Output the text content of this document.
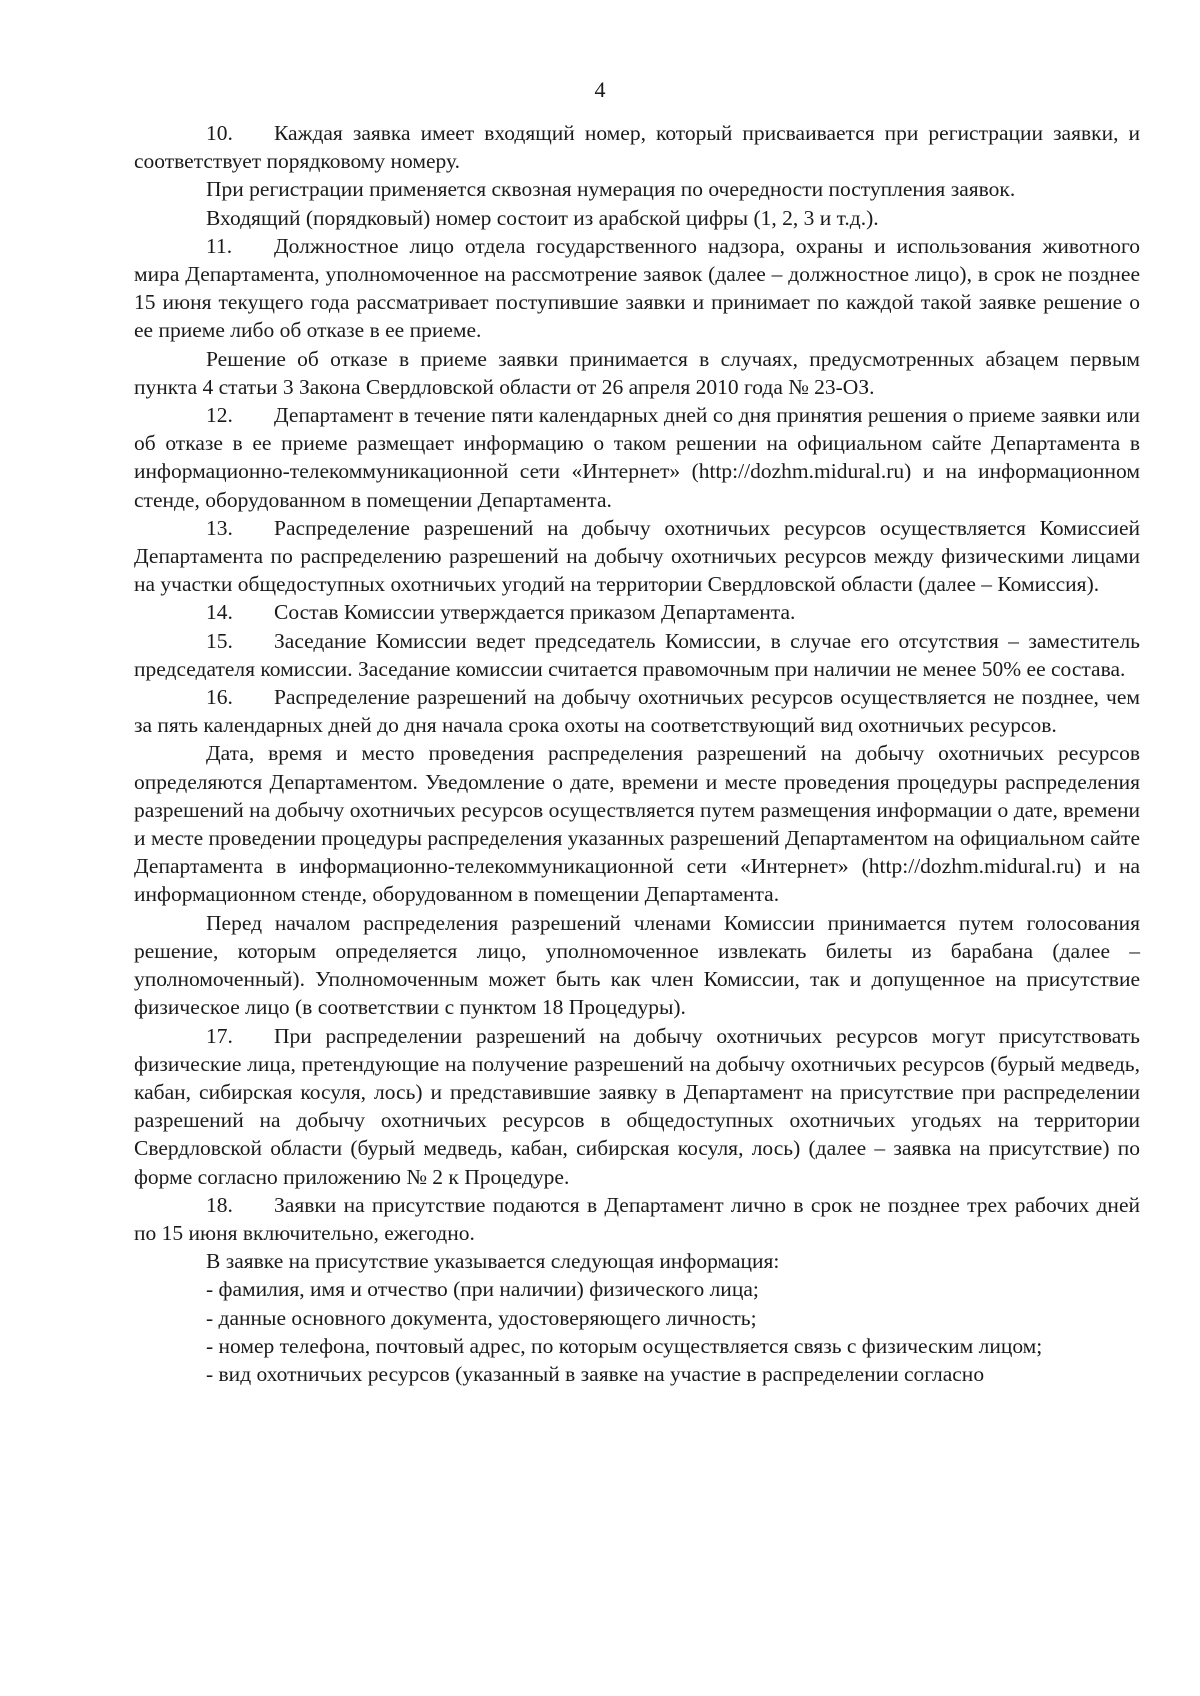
4

10. Каждая заявка имеет входящий номер, который присваивается при регистрации заявки, и соответствует порядковому номеру.

При регистрации применяется сквозная нумерация по очередности поступления заявок.

Входящий (порядковый) номер состоит из арабской цифры (1, 2, 3 и т.д.).

11. Должностное лицо отдела государственного надзора, охраны и использования животного мира Департамента, уполномоченное на рассмотрение заявок (далее – должностное лицо), в срок не позднее 15 июня текущего года рассматривает поступившие заявки и принимает по каждой такой заявке решение о ее приеме либо об отказе в ее приеме.

Решение об отказе в приеме заявки принимается в случаях, предусмотренных абзацем первым пункта 4 статьи 3 Закона Свердловской области от 26 апреля 2010 года № 23-ОЗ.

12. Департамент в течение пяти календарных дней со дня принятия решения о приеме заявки или об отказе в ее приеме размещает информацию о таком решении на официальном сайте Департамента в информационно-телекоммуникационной сети «Интернет» (http://dozhm.midural.ru) и на информационном стенде, оборудованном в помещении Департамента.

13. Распределение разрешений на добычу охотничьих ресурсов осуществляется Комиссией Департамента по распределению разрешений на добычу охотничьих ресурсов между физическими лицами на участки общедоступных охотничьих угодий на территории Свердловской области (далее – Комиссия).

14. Состав Комиссии утверждается приказом Департамента.

15. Заседание Комиссии ведет председатель Комиссии, в случае его отсутствия – заместитель председателя комиссии. Заседание комиссии считается правомочным при наличии не менее 50% ее состава.

16. Распределение разрешений на добычу охотничьих ресурсов осуществляется не позднее, чем за пять календарных дней до дня начала срока охоты на соответствующий вид охотничьих ресурсов.

Дата, время и место проведения распределения разрешений на добычу охотничьих ресурсов определяются Департаментом. Уведомление о дате, времени и месте проведения процедуры распределения разрешений на добычу охотничьих ресурсов осуществляется путем размещения информации о дате, времени и месте проведении процедуры распределения указанных разрешений Департаментом на официальном сайте Департамента в информационно-телекоммуникационной сети «Интернет» (http://dozhm.midural.ru) и на информационном стенде, оборудованном в помещении Департамента.

Перед началом распределения разрешений членами Комиссии принимается путем голосования решение, которым определяется лицо, уполномоченное извлекать билеты из барабана (далее – уполномоченный). Уполномоченным может быть как член Комиссии, так и допущенное на присутствие физическое лицо (в соответствии с пунктом 18 Процедуры).

17. При распределении разрешений на добычу охотничьих ресурсов могут присутствовать физические лица, претендующие на получение разрешений на добычу охотничьих ресурсов (бурый медведь, кабан, сибирская косуля, лось) и представившие заявку в Департамент на присутствие при распределении разрешений на добычу охотничьих ресурсов в общедоступных охотничьих угодьях на территории Свердловской области (бурый медведь, кабан, сибирская косуля, лось) (далее – заявка на присутствие) по форме согласно приложению № 2 к Процедуре.

18. Заявки на присутствие подаются в Департамент лично в срок не позднее трех рабочих дней по 15 июня включительно, ежегодно.

В заявке на присутствие указывается следующая информация:

- фамилия, имя и отчество (при наличии) физического лица;

- данные основного документа, удостоверяющего личность;

- номер телефона, почтовый адрес, по которым осуществляется связь с физическим лицом;

- вид охотничьих ресурсов (указанный в заявке на участие в распределении согласно
